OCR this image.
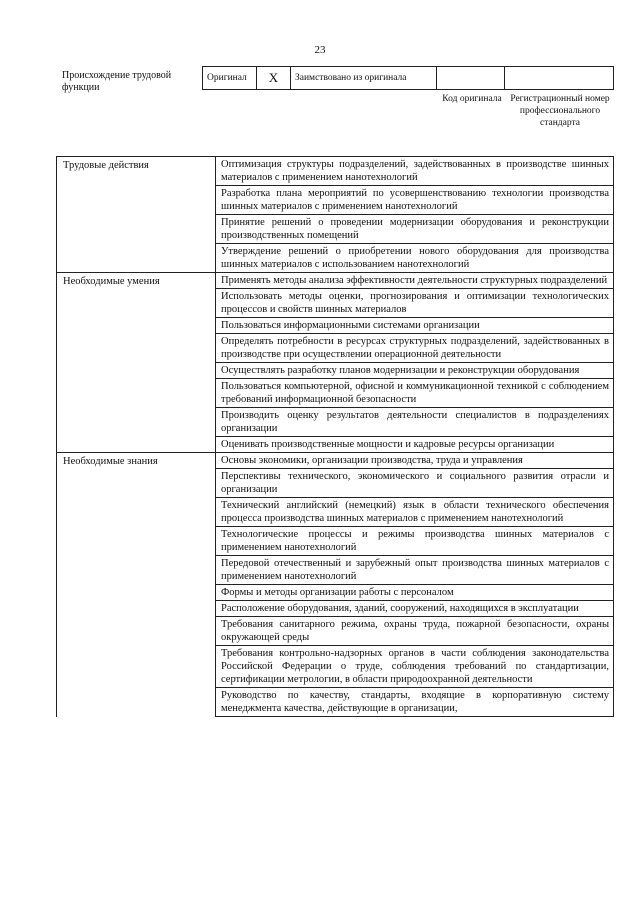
23
Происхождение трудовой функции
Оригинал	X	Заимствовано из оригинала
Код оригинала Регистрационный номер профессионального стандарта
Трудовые действия	Оптимизация структуры подразделений, задействованных в производстве шинных материалов с применением нанотехнологий

	Разработка плана мероприятий по усовершенствованию технологии производства шинных материалов с применением нанотехнологий

	Принятие решений о проведении модернизации оборудования и реконструкции производственных помещений

	Утверждение решений о приобретении нового оборудования для производства шинных материалов с использованием нанотехнологий

Необходимые умения	Применять методы анализа эффективности деятельности структурных подразделений

	Использовать методы оценки, прогнозирования и оптимизации технологических процессов и свойств шинных материалов

	Пользоваться информационными системами организации

	Определять потребности в ресурсах структурных подразделений, задействованных в производстве при осуществлении операционной деятельности

	Осуществлять разработку планов модернизации и реконструкции оборудования

	Пользоваться компьютерной, офисной и коммуникационной техникой с соблюдением требований информационной безопасности

	Производить оценку результатов деятельности специалистов в подразделениях организации

	Оценивать производственные мощности и кадровые ресурсы организации

Необходимые знания	Основы экономики, организации производства, труда и управления

	Перспективы технического, экономического и социального развития отрасли и организации

	Технический английский (немецкий) язык в области технического обеспечения процесса производства шинных материалов с применением нанотехнологий

	Технологические процессы и режимы производства шинных материалов с применением нанотехнологий

	Передовой отечественный и зарубежный опыт производства шинных материалов с применением нанотехнологий

	Формы и методы организации работы с персоналом

	Расположение оборудования, зданий, сооружений, находящихся в эксплуатации

	Требования санитарного режима, охраны труда, пожарной безопасности, охраны окружающей среды

	Требования контрольно-надзорных органов в части соблюдения законодательства Российской Федерации о труде, соблюдения требований по стандартизации, сертификации метрологии, в области природоохранной деятельности

	Руководство по качеству, стандарты, входящие в корпоративную систему менеджмента качества, действующие в организации,
